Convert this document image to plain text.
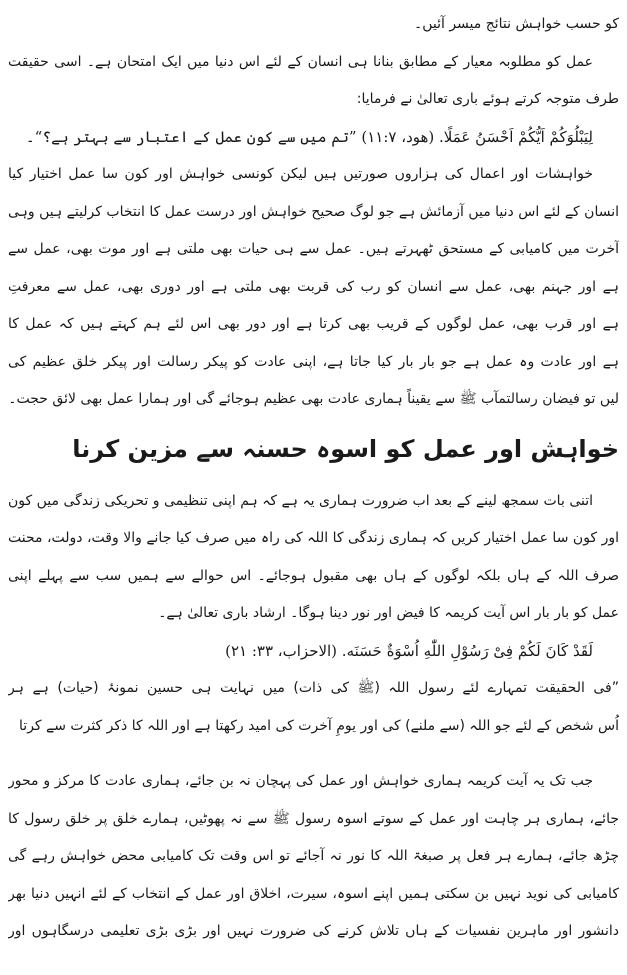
کو حسب خواہش نتائج میسر آئیں۔
عمل کو مطلوبہ معیار کے مطابق بنانا ہی انسان کے لئے اس دنیا میں ایک امتحان ہے۔ اسی حقیقت
طرف متوجہ کرتے ہوئے باری تعالیٰ نے فرمایا:
لِيَبْلُوَكُمْ اَيُّكُمْ اَحْسَنُ عَمَلًا. (ھود، ۱۱:۷) ”تم میں سے کون عمل کے اعتبار سے بہتر ہے؟“۔
خواہشات اور اعمال کی ہزاروں صورتیں ہیں لیکن کونسی خواہش اور کون سا عمل اختیار کیا
انسان کے لئے اس دنیا میں آزمائش ہے جو لوگ صحیح خواہش اور درست عمل کا انتخاب کرلیتے ہیں وہی
آخرت میں کامیابی کے مستحق ٹھہرتے ہیں۔ عمل سے ہی حیات بھی ملتی ہے اور موت بھی، عمل سے
ہے اور جہنم بھی، عمل سے انسان کو رب کی قربت بھی ملتی ہے اور دوری بھی، عمل سے معرفتِ
ہے اور قرب بھی، عمل لوگوں کے قریب بھی کرتا ہے اور دور بھی اس لئے ہم کہتے ہیں کہ عمل کا
ہے اور عادت وہ عمل ہے جو بار بار کیا جاتا ہے، اپنی عادت کو پیکر رسالت اور پیکر خلق عظیم کی
لیں تو فیضان رسالتمآب ﷺ سے یقیناً ہماری عادت بھی عظیم ہوجائے گی اور ہمارا عمل بھی لائق حجت۔
خواہش اور عمل کو اسوہ حسنہ سے مزین کرنا
اتنی بات سمجھ لینے کے بعد اب ضرورت ہماری یہ ہے کہ ہم اپنی تنظیمی و تحریکی زندگی میں کون
اور کون سا عمل اختیار کریں کہ ہماری زندگی کا اللہ کی راہ میں صرف کیا جانے والا وقت، دولت، محنت
صرف اللہ کے ہاں بلکہ لوگوں کے ہاں بھی مقبول ہوجائے۔ اس حوالے سے ہمیں سب سے پہلے اپنی
عمل کو بار بار اس آیت کریمہ کا فیض اور نور دینا ہوگا۔ ارشاد باری تعالیٰ ہے۔
لَقَدْ كَانَ لَكُمْ فِىْ رَسُوْلِ اللّٰهِ اُسْوَةٌ حَسَنَه. (الاحزاب، ۳۳: ۲۱)
”فی الحقیقت تمہارے لئے رسول اللہ (ﷺ کی ذات) میں نہایت ہی حسین نمونۂ (حیات) ہے ہر
اُس شخص کے لئے جو اللہ (سے ملنے) کی اور یومِ آخرت کی امید رکھتا ہے اور اللہ کا ذکر کثرت سے کرتا
جب تک یہ آیت کریمہ ہماری خواہش اور عمل کی پہچان نہ بن جائے، ہماری عادت کا مرکز و محور
جائے، ہماری ہر چاہت اور عمل کے سوتے اسوہ رسول ﷺ سے نہ پھوٹیں، ہمارے خلق پر خلق رسول کا
چڑھ جائے، ہمارے ہر فعل پر صبغۃ اللہ کا نور نہ آجائے تو اس وقت تک کامیابی محض خواہش رہے گی
کامیابی کی نوید نہیں بن سکتی ہمیں اپنے اسوہ، سیرت، اخلاق اور عمل کے انتخاب کے لئے انہیں دنیا بھر
دانشور اور ماہرین نفسیات کے ہاں تلاش کرنے کی ضرورت نہیں اور بڑی بڑی تعلیمی درسگاہوں اور
